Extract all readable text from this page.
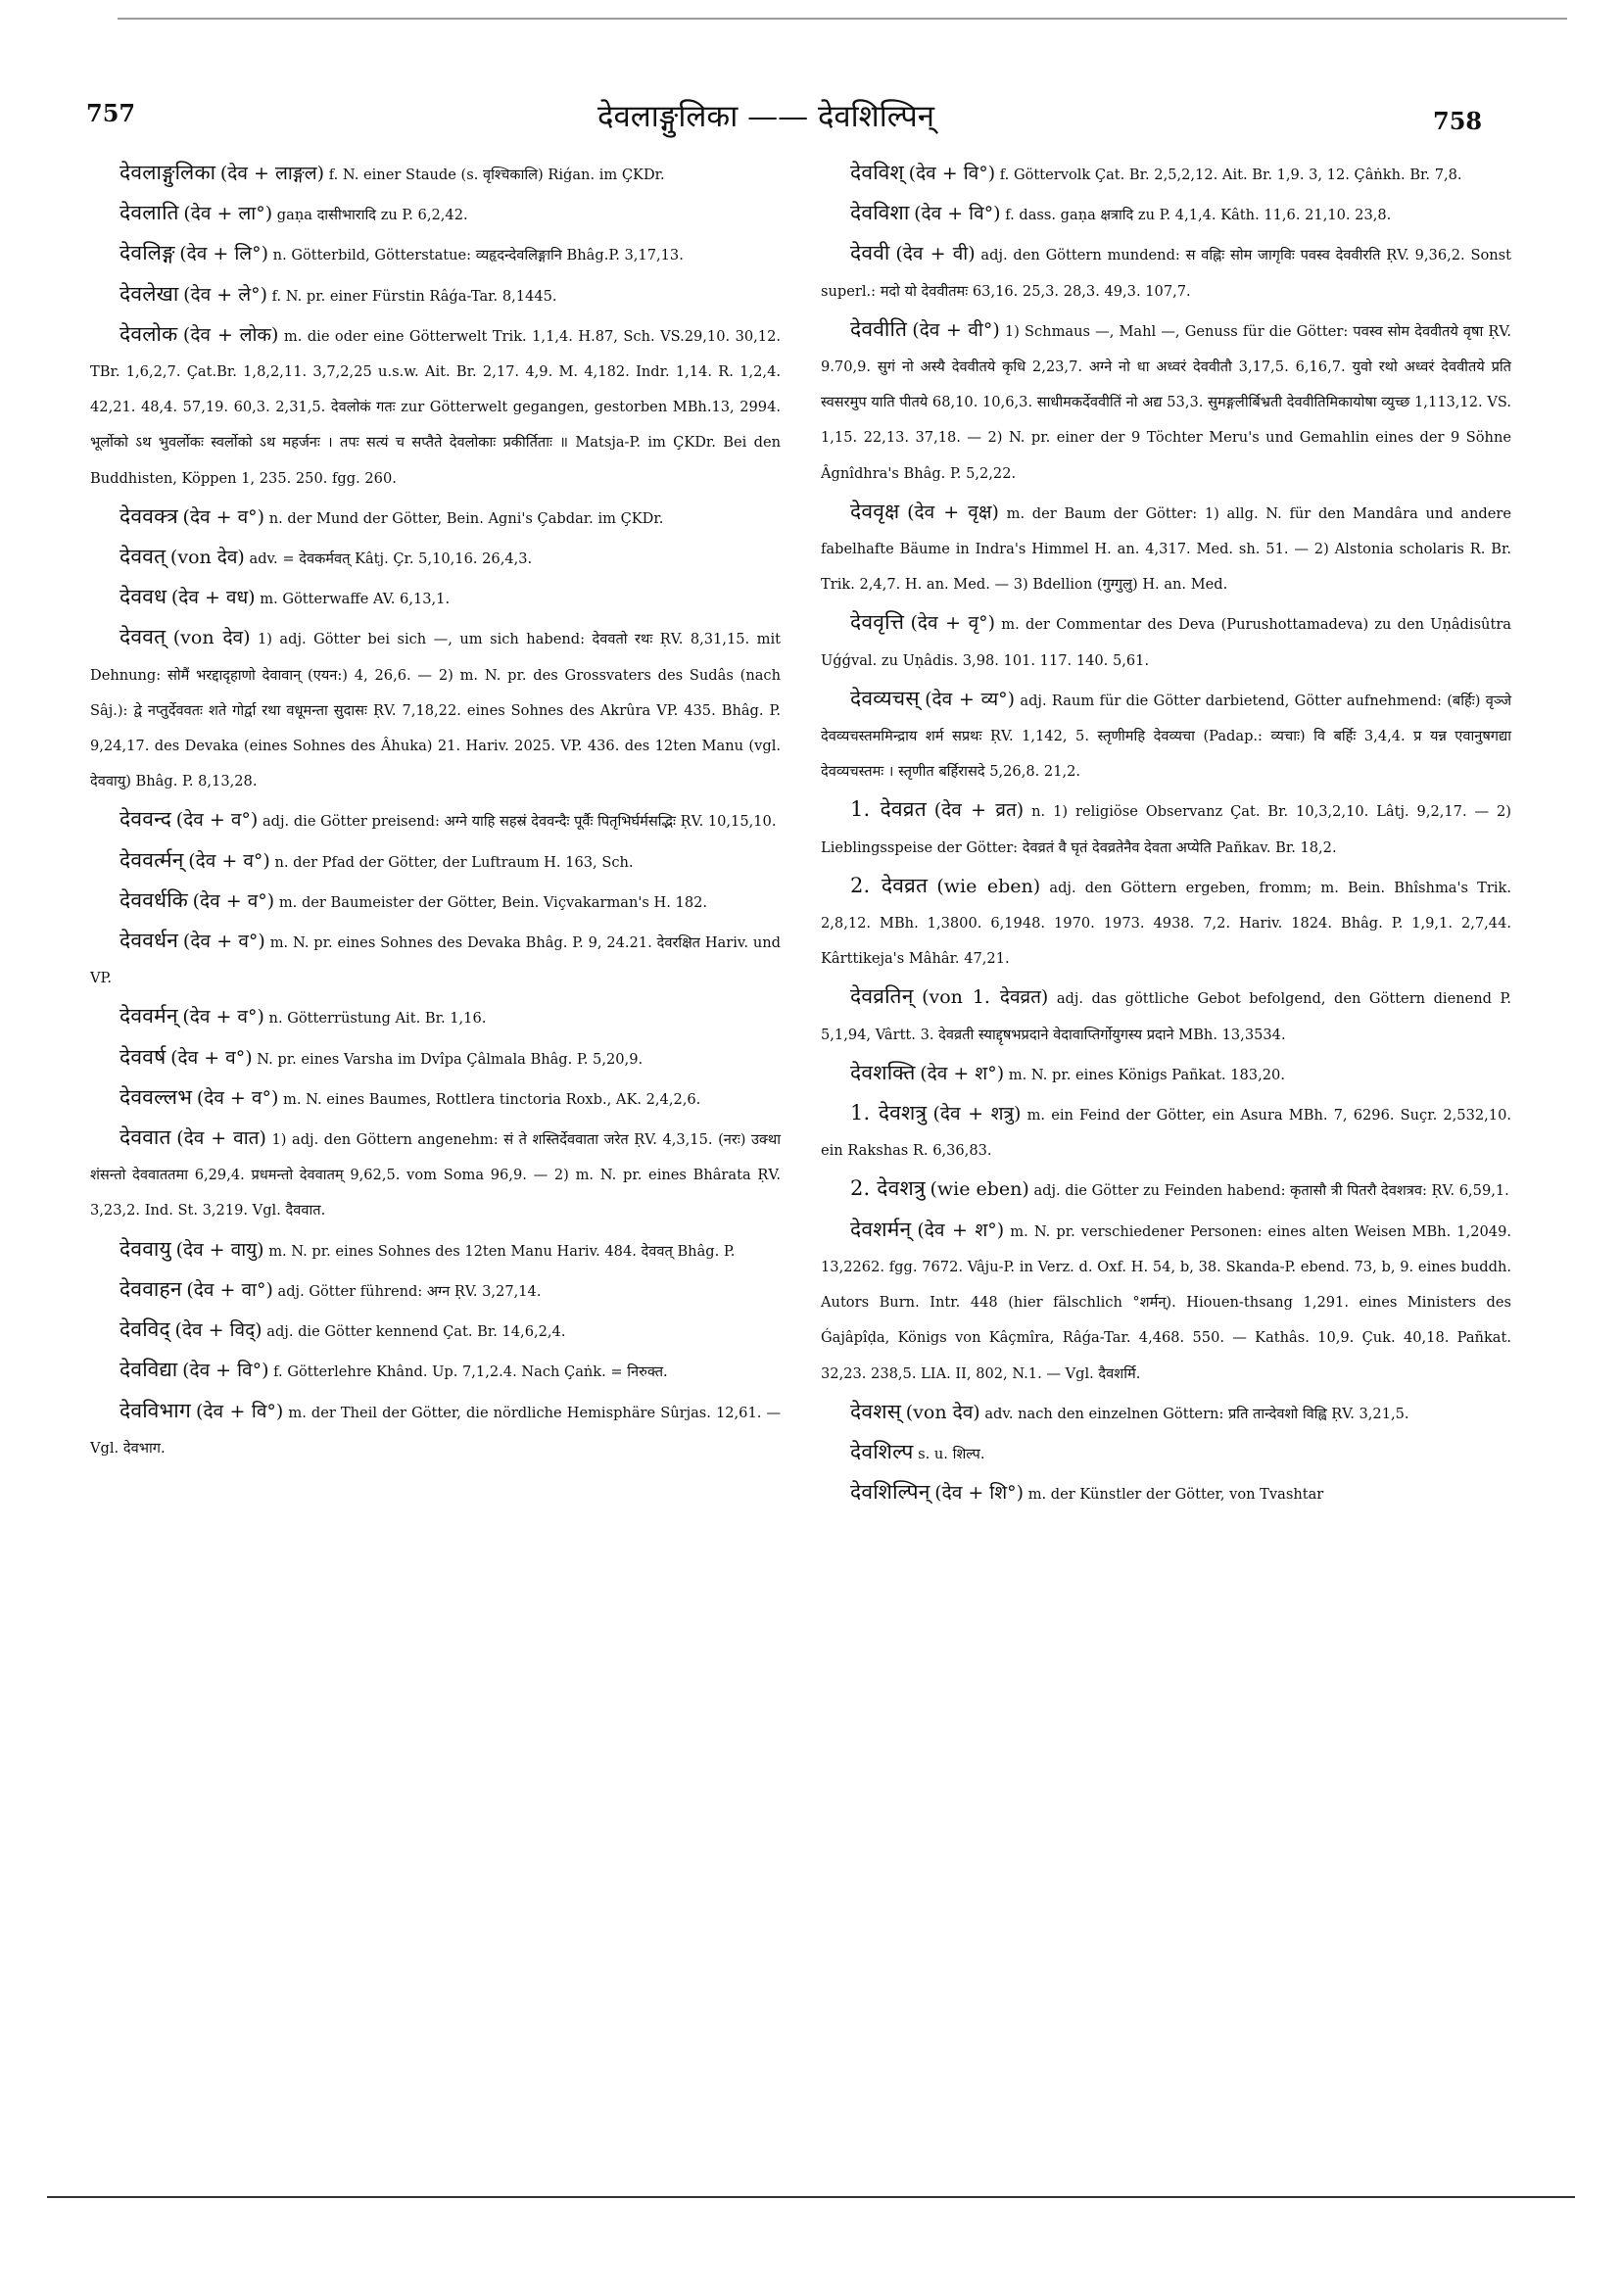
757	देवलाङ्गुलिका —— देवशिल्पिन्	758

देवलाङ्गुलिका (देव + लाङ्गल) f. N. einer Staude (s. वृश्चिकालि) Riǵan. im ÇKDr.

देवलाति (देव + ला°) gaṇa दासीभारादि zu P. 6,2,42.

देवलिङ्ग (देव + लि°) n. Götterbild, Götterstatue: व्यहृदन्देवलिङ्गानि Bhâg.P. 3,17,13.

देवलेखा (देव + ले°) f. N. pr. einer Fürstin Râǵa-Tar. 8,1445.

देवलोक (देव + लोक) m. die oder eine Götterwelt Trik. 1,1,4. H.87, Sch. VS.29,10. 30,12. TBr. 1,6,2,7. Çat.Br. 1,8,2,11. 3,7,2,25 u.s.w. Ait. Br. 2,17. 4,9. M. 4,182. Indr. 1,14. R. 1,2,4. 42,21. 48,4. 57,19. 60,3. 2,31,5. देवलोकं गतः zur Götterwelt gegangen, gestorben MBh.13, 2994. भूर्लोको ऽथ भुवर्लोकः स्वर्लोको ऽथ महर्जनः । तपः सत्यं च सप्तैते देवलोकाः प्रकीर्तिताः ॥ Matsja-P. im ÇKDr. Bei den Buddhisten, Köppen 1, 235. 250. fgg. 260.

देववक्त्र (देव + व°) n. der Mund der Götter, Bein. Agni's Çabdar. im ÇKDr.

देववत् (von देव) adv. = देवकर्मवत् Kâtj. Çr. 5,10,16. 26,4,3.

देववध (देव + वध) m. Götterwaffe AV. 6,13,1.

देववत् (von देव) 1) adj. Götter bei sich —, um sich habend: देववतो रथः ṚV. 8,31,15. mit Dehnung: सोमैं भरद्दादृहाणो देवावान् (एयन:) 4, 26,6. — 2) m. N. pr. des Grossvaters des Sudâs (nach Sâj.): द्वे नप्तुर्देववतः शते गोर्द्वा रथा वधूमन्ता सुदासः ṚV. 7,18,22. eines Sohnes des Akrûra VP. 435. Bhâg. P. 9,24,17. des Devaka (eines Sohnes des Âhuka) 21. Hariv. 2025. VP. 436. des 12ten Manu (vgl. देववायु) Bhâg. P. 8,13,28.

देववन्द (देव + व°) adj. die Götter preisend: अग्ने याहि सहस्रं देववन्दैः पूर्वैः पितृभिर्घर्मसद्भिः ṚV. 10,15,10.

देववर्त्मन् (देव + व°) n. der Pfad der Götter, der Luftraum H. 163, Sch.

देववर्धकि (देव + व°) m. der Baumeister der Götter, Bein. Viçvakarman's H. 182.

देववर्धन (देव + व°) m. N. pr. eines Sohnes des Devaka Bhâg. P. 9, 24.21. देवरक्षित Hariv. und VP.

देववर्मन् (देव + व°) n. Götterrüstung Ait. Br. 1,16.

देववर्ष (देव + व°) N. pr. eines Varsha im Dvîpa Çâlmala Bhâg. P. 5,20,9.

देववल्लभ (देव + व°) m. N. eines Baumes, Rottlera tinctoria Roxb., AK. 2,4,2,6.

देववात (देव + वात) 1) adj. den Göttern angenehm: सं ते शस्तिर्देववाता जरेत ṚV. 4,3,15. (नरः) उक्था शंसन्तो देववाततमा 6,29,4. प्रधमन्तो देववातम् 9,62,5. vom Soma 96,9. — 2) m. N. pr. eines Bhârata ṚV. 3,23,2. Ind. St. 3,219. Vgl. दैववात.

देववायु (देव + वायु) m. N. pr. eines Sohnes des 12ten Manu Hariv. 484. देववत् Bhâg. P.

देववाहन (देव + वा°) adj. Götter führend: अग्न ṚV. 3,27,14.

देवविद् (देव + विद्) adj. die Götter kennend Çat. Br. 14,6,2,4.

देवविद्या (देव + वि°) f. Götterlehre Khând. Up. 7,1,2.4. Nach Çaṅk. = निरुक्त.

देवविभाग (देव + वि°) m. der Theil der Götter, die nördliche Hemisphäre Sûrjas. 12,61. — Vgl. देवभाग.

देवविश् (देव + वि°) f. Göttervolk Çat. Br. 2,5,2,12. Ait. Br. 1,9. 3, 12. Çâṅkh. Br. 7,8.

देवविशा (देव + वि°) f. dass. gaṇa क्षत्रादि zu P. 4,1,4. Kâth. 11,6. 21,10. 23,8.

देववी (देव + वी) adj. den Göttern mundend: स वह्निः सोम जागृविः पवस्व देववीरति ṚV. 9,36,2. Sonst superl.: मदो यो देववीतमः 63,16. 25,3. 28,3. 49,3. 107,7.

देववीति (देव + वी°) 1) Schmaus —, Mahl —, Genuss für die Götter: पवस्व सोम देववीतये वृषा ṚV. 9.70,9. सुगं नो अस्यै देववीतये कृधि 2,23,7. अग्ने नो धा अध्वरं देववीतौ 3,17,5. 6,16,7. युवो रथो अध्वरं देववीतये प्रति स्वसरमुप याति पीतये 68,10. 10,6,3. साधीमकर्देववीतिं नो अद्य 53,3. सुमङ्गलीर्बिभ्रती देववीतिमिकायोषा व्युच्छ 1,113,12. VS. 1,15. 22,13. 37,18. — 2) N. pr. einer der 9 Töchter Meru's und Gemahlin eines der 9 Söhne Âgnîdhra's Bhâg. P. 5,2,22.

देववृक्ष (देव + वृक्ष) m. der Baum der Götter: 1) allg. N. für den Mandâra und andere fabelhafte Bäume in Indra's Himmel H. an. 4,317. Med. sh. 51. — 2) Alstonia scholaris R. Br. Trik. 2,4,7. H. an. Med. — 3) Bdellion (गुग्गुलु) H. an. Med.

देववृत्ति (देव + वृ°) m. der Commentar des Deva (Purushottamadeva) zu den Uṇâdisûtra Uǵǵval. zu Uṇâdis. 3,98. 101. 117. 140. 5,61.

देवव्यचस् (देव + व्य°) adj. Raum für die Götter darbietend, Götter aufnehmend: (बर्हिः) वृञ्जे देवव्यचस्तममिन्द्राय शर्म सप्रथः ṚV. 1,142, 5. स्तृणीमहि देवव्यचा (Padap.: व्यचाः) वि बर्हिः 3,4,4. प्र यन्न एवानुषगद्या देवव्यचस्तमः । स्तृणीत बर्हिरासदे 5,26,8. 21,2.

1. देवव्रत (देव + व्रत) n. 1) religiöse Observanz Çat. Br. 10,3,2,10. Lâtj. 9,2,17. — 2) Lieblingsspeise der Götter: देवव्रतं वै घृतं देवव्रतेनैव देवता अप्येति Pañkav. Br. 18,2.

2. देवव्रत (wie eben) adj. den Göttern ergeben, fromm; m. Bein. Bhîshma's Trik. 2,8,12. MBh. 1,3800. 6,1948. 1970. 1973. 4938. 7,2. Hariv. 1824. Bhâg. P. 1,9,1. 2,7,44. Kârttikeja's Mâhâr. 47,21.

देवव्रतिन् (von 1. देवव्रत) adj. das göttliche Gebot befolgend, den Göttern dienend P. 5,1,94, Vârtt. 3. देवव्रती स्याद्दृषभप्रदाने वेदावाप्तिर्गोयुगस्य प्रदाने MBh. 13,3534.

देवशक्ति (देव + श°) m. N. pr. eines Königs Pañkat. 183,20.

1. देवशत्रु (देव + शत्रु) m. ein Feind der Götter, ein Asura MBh. 7, 6296. Suçr. 2,532,10. ein Rakshas R. 6,36,83.

2. देवशत्रु (wie eben) adj. die Götter zu Feinden habend: कृतासौ त्री पितरौ देवशत्रव: ṚV. 6,59,1.

देवशर्मन् (देव + श°) m. N. pr. verschiedener Personen: eines alten Weisen MBh. 1,2049. 13,2262. fgg. 7672. Vâju-P. in Verz. d. Oxf. H. 54, b, 38. Skanda-P. ebend. 73, b, 9. eines buddh. Autors Burn. Intr. 448 (hier fälschlich °शर्मन्). Hiouen-thsang 1,291. eines Ministers des Ǵajâpîḍa, Königs von Kâçmîra, Râǵa-Tar. 4,468. 550. — Kathâs. 10,9. Çuk. 40,18. Pañkat. 32,23. 238,5. LIA. II, 802, N.1. — Vgl. दैवशर्मि.

देवशस् (von देव) adv. nach den einzelnen Göttern: प्रति तान्देवशो विह्वि ṚV. 3,21,5.

देवशिल्प s. u. शिल्प.

देवशिल्पिन् (देव + शि°) m. der Künstler der Götter, von Tvashtar
